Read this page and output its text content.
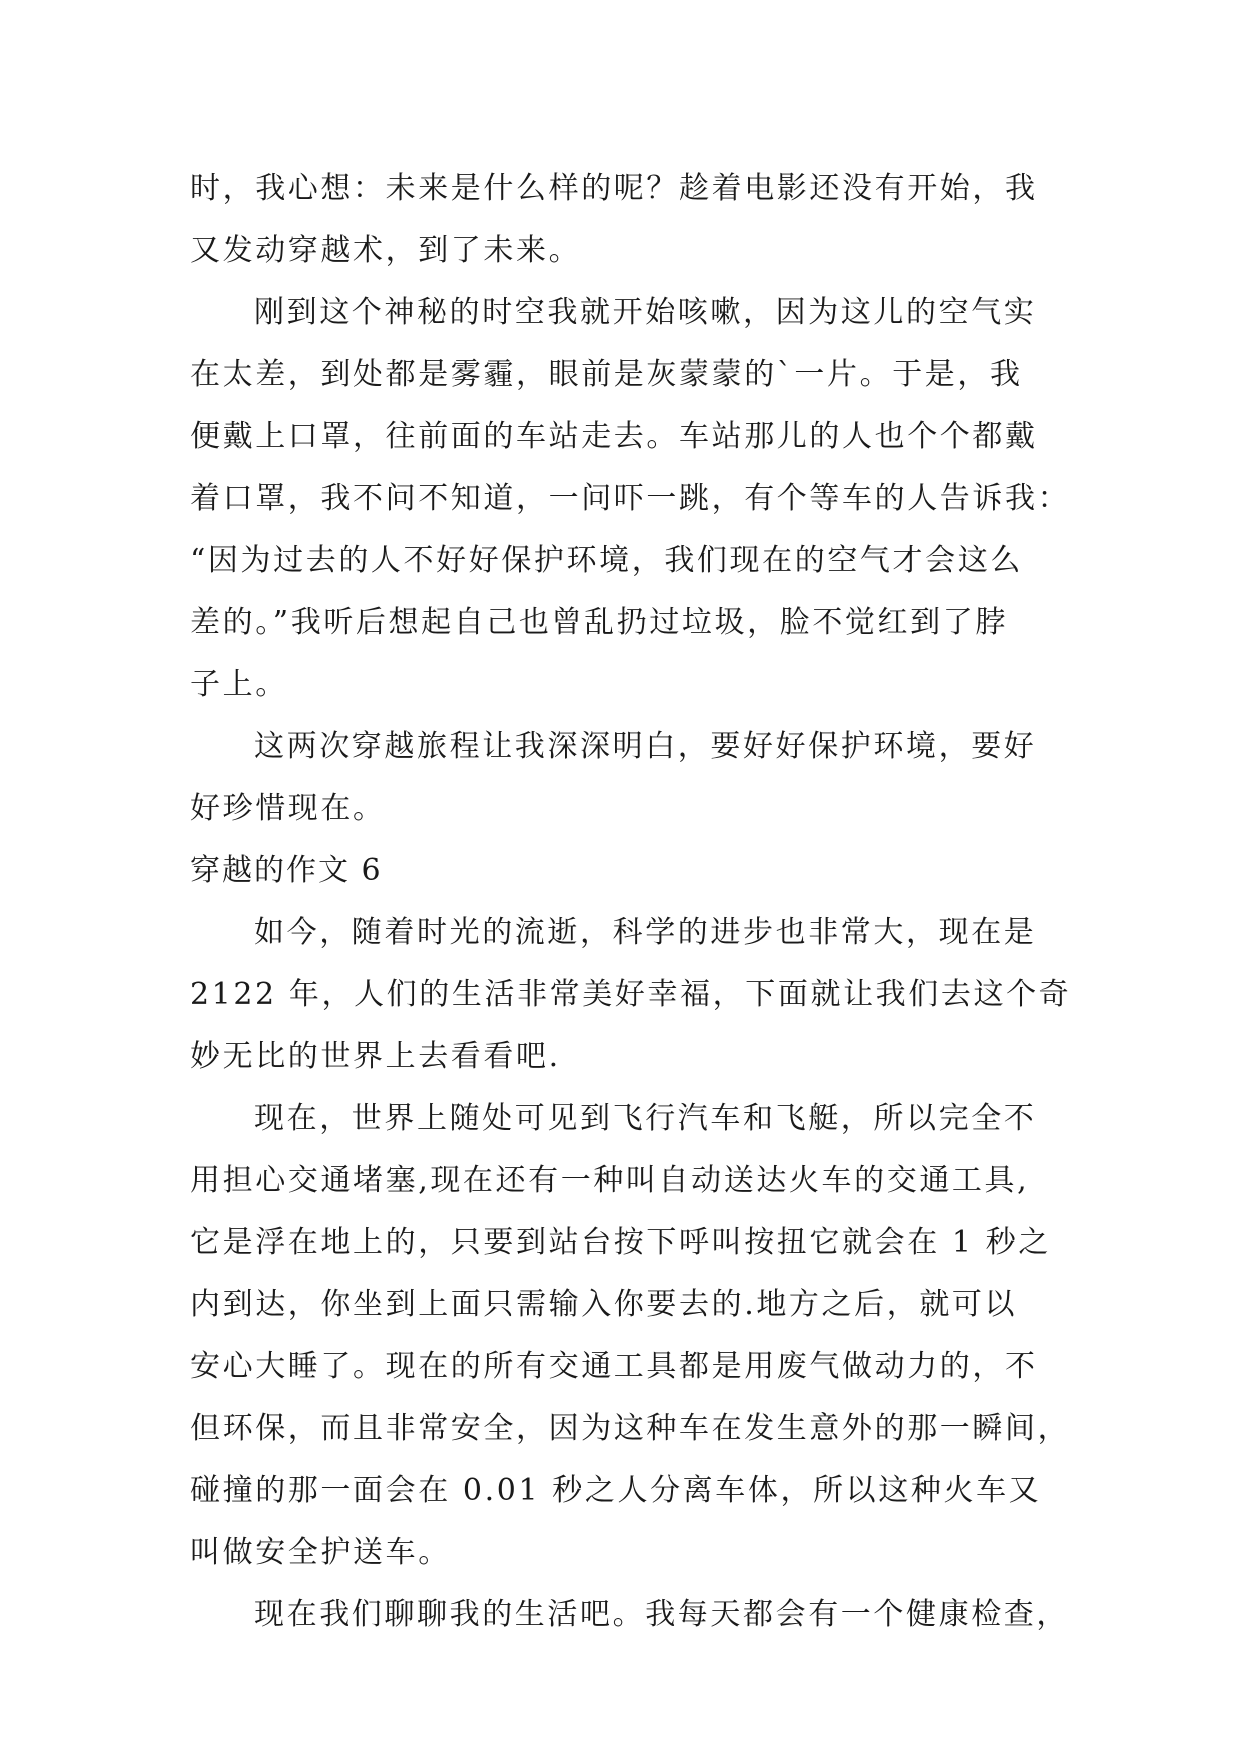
时，我心想：未来是什么样的呢？趁着电影还没有开始，我
又发动穿越术，到了未来。
刚到这个神秘的时空我就开始咳嗽，因为这儿的空气实
在太差，到处都是雾霾，眼前是灰蒙蒙的`一片。于是，我
便戴上口罩，往前面的车站走去。车站那儿的人也个个都戴
着口罩，我不问不知道，一问吓一跳，有个等车的人告诉我：
“因为过去的人不好好保护环境，我们现在的空气才会这么
差的。”我听后想起自己也曾乱扔过垃圾，脸不觉红到了脖
子上。
这两次穿越旅程让我深深明白，要好好保护环境，要好
好珍惜现在。
穿越的作文 6
如今，随着时光的流逝，科学的进步也非常大，现在是
2122 年，人们的生活非常美好幸福，下面就让我们去这个奇
妙无比的世界上去看看吧.
现在，世界上随处可见到飞行汽车和飞艇，所以完全不
用担心交通堵塞,现在还有一种叫自动送达火车的交通工具,
它是浮在地上的，只要到站台按下呼叫按扭它就会在 1 秒之
内到达，你坐到上面只需输入你要去的.地方之后，就可以
安心大睡了。现在的所有交通工具都是用废气做动力的，不
但环保，而且非常安全，因为这种车在发生意外的那一瞬间，
碰撞的那一面会在 0.01 秒之人分离车体，所以这种火车又
叫做安全护送车。
现在我们聊聊我的生活吧。我每天都会有一个健康检查，
